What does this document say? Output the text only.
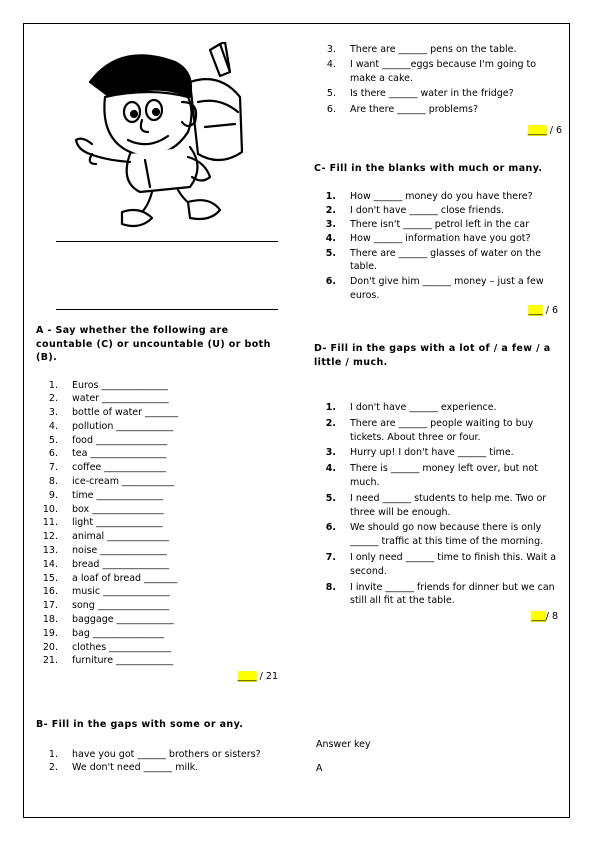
A - Say whether the following are countable (C) or uncountable (U) or both (B).
1. Euros ______________
2. water ______________
3. bottle of water _______
4. pollution ____________
5. food _______________
6. tea ________________
7. coffee _____________
8. ice-cream ___________
9. time ______________
10. box _______________
11. light ______________
12. animal _____________
13. noise ______________
14. bread ______________
15. a loaf of bread _______
16. music ______________
17. song _______________
18. baggage ____________
19. bag _______________
20. clothes _____________
21. furniture ____________
____ / 21
B- Fill in the gaps with some or any.
1. have you got ______ brothers or sisters?
2. We don't need ______ milk.
3. There are ______ pens on the table.
4. I want ______eggs because I'm going to make a cake.
5. Is there ______ water in the fridge?
6. Are there ______ problems?
____ / 6
C- Fill in the blanks with much or many.
1. How ______ money do you have there?
2. I don't have ______ close friends.
3. There isn't ______ petrol left in the car
4. How ______ information have you got?
5. There are ______ glasses of water on the table.
6. Don't give him ______ money – just a few euros.
___ / 6
D- Fill in the gaps with a lot of / a few / a little / much.
1. I don't have ______ experience.
2. There are ______ people waiting to buy tickets. About three or four.
3. Hurry up! I don't have ______ time.
4. There is ______ money left over, but not much.
5. I need ______ students to help me. Two or three will be enough.
6. We should go now because there is only ______ traffic at this time of the morning.
7. I only need ______ time to finish this. Wait a second.
8. I invite ______ friends for dinner but we can still all fit at the table.
___/ 8
Answer key
A
